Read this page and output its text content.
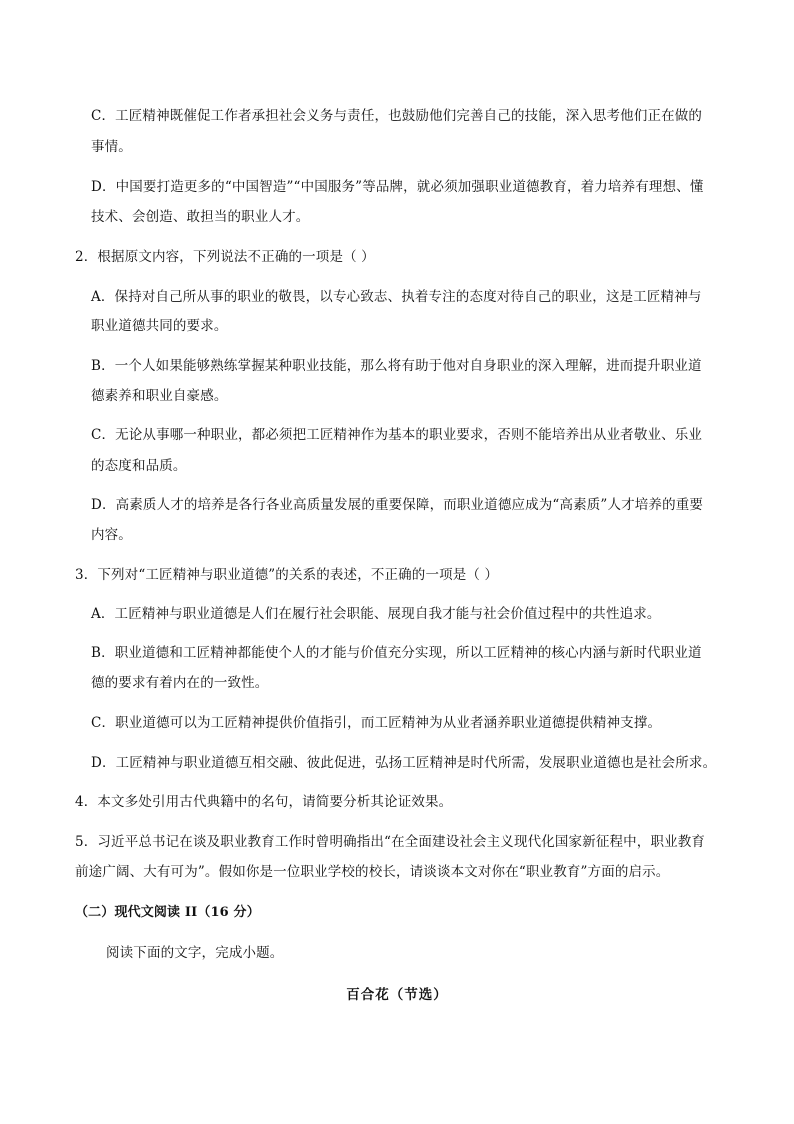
C．工匠精神既催促工作者承担社会义务与责任，也鼓励他们完善自己的技能，深入思考他们正在做的
事情。
D．中国要打造更多的“中国智造”“中国服务”等品牌，就必须加强职业道德教育，着力培养有理想、懂
技术、会创造、敢担当的职业人才。
2．根据原文内容，下列说法不正确的一项是（ ）
A．保持对自己所从事的职业的敬畏，以专心致志、执着专注的态度对待自己的职业，这是工匠精神与
职业道德共同的要求。
B．一个人如果能够熟练掌握某种职业技能，那么将有助于他对自身职业的深入理解，进而提升职业道
德素养和职业自豪感。
C．无论从事哪一种职业，都必须把工匠精神作为基本的职业要求，否则不能培养出从业者敬业、乐业
的态度和品质。
D．高素质人才的培养是各行各业高质量发展的重要保障，而职业道德应成为“高素质”人才培养的重要
内容。
3．下列对“工匠精神与职业道德”的关系的表述，不正确的一项是（ ）
A．工匠精神与职业道德是人们在履行社会职能、展现自我才能与社会价值过程中的共性追求。
B．职业道德和工匠精神都能使个人的才能与价值充分实现，所以工匠精神的核心内涵与新时代职业道
德的要求有着内在的一致性。
C．职业道德可以为工匠精神提供价值指引，而工匠精神为从业者涵养职业道德提供精神支撑。
D．工匠精神与职业道德互相交融、彼此促进，弘扬工匠精神是时代所需，发展职业道德也是社会所求。
4．本文多处引用古代典籍中的名句，请简要分析其论证效果。
5．习近平总书记在谈及职业教育工作时曾明确指出“在全面建设社会主义现代化国家新征程中，职业教育
前途广阔、大有可为”。假如你是一位职业学校的校长，请谈谈本文对你在“职业教育”方面的启示。
（二）现代文阅读 II（16 分）
阅读下面的文字，完成小题。
百合花（节选）
